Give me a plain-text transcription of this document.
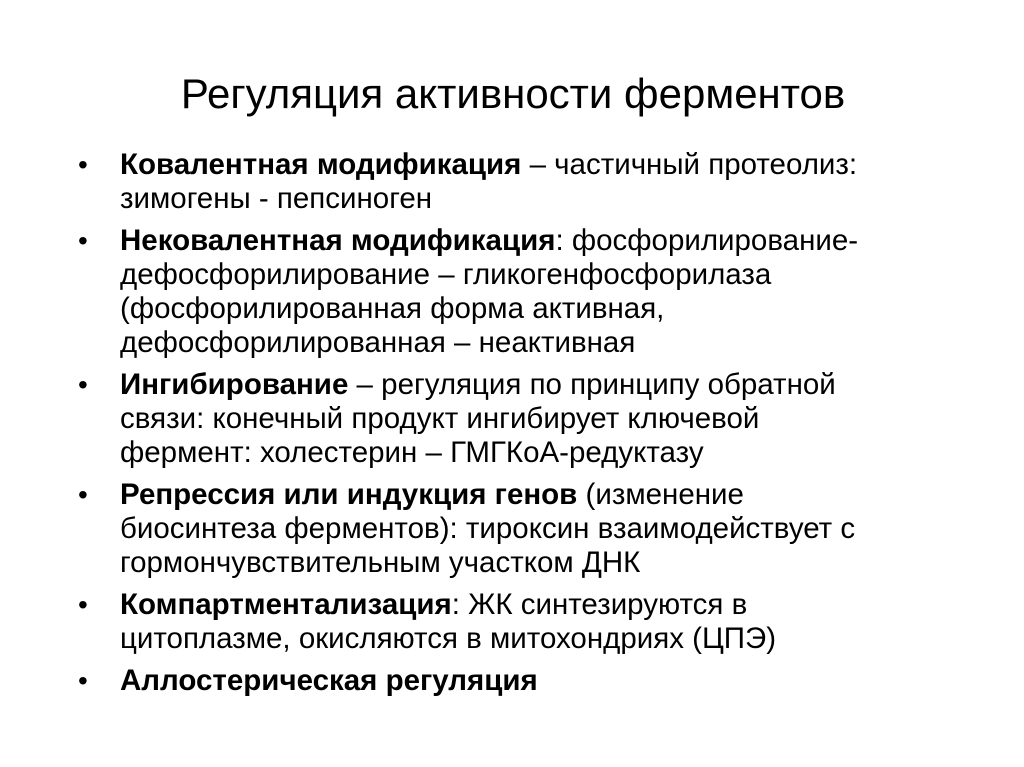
Регуляция активности ферментов
• Ковалентная модификация – частичный протеолиз:
зимогены - пепсиноген
• Нековалентная модификация: фосфорилирование-
дефосфорилирование – гликогенфосфорилаза
(фосфорилированная форма активная,
дефосфорилированная – неактивная
• Ингибирование – регуляция по принципу обратной
связи: конечный продукт ингибирует ключевой
фермент: холестерин – ГМГКоА-редуктазу
• Репрессия или индукция генов (изменение
биосинтеза ферментов): тироксин взаимодействует с
гормончувствительным участком ДНК
• Компартментализация: ЖК синтезируются в
цитоплазме, окисляются в митохондриях (ЦПЭ)
• Аллостерическая регуляция
